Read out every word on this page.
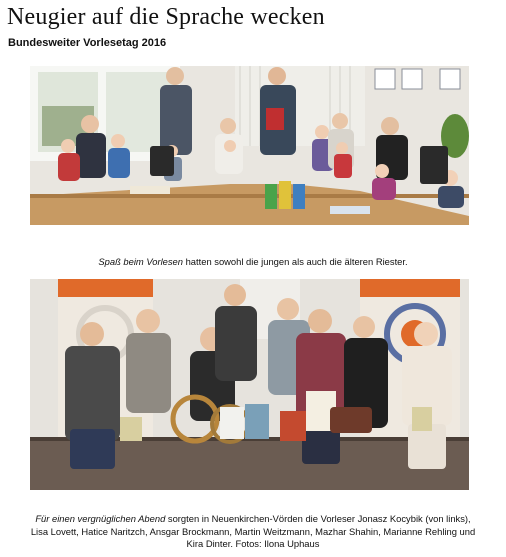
Neugier auf die Sprache wecken

Bundesweiter Vorlesetag 2016

Spaß beim Vorlesen hatten sowohl die jungen als auch die älteren Riester.

Für einen vergnüglichen Abend sorgten in Neuenkirchen-Vörden die Vorleser Jonasz Kocybik (von links),
Lisa Lovett, Hatice Naritzch, Ansgar Brockmann, Martin Weitzmann, Mazhar Shahin, Marianne Rehling und
Kira Dinter. Fotos: Ilona Uphaus
